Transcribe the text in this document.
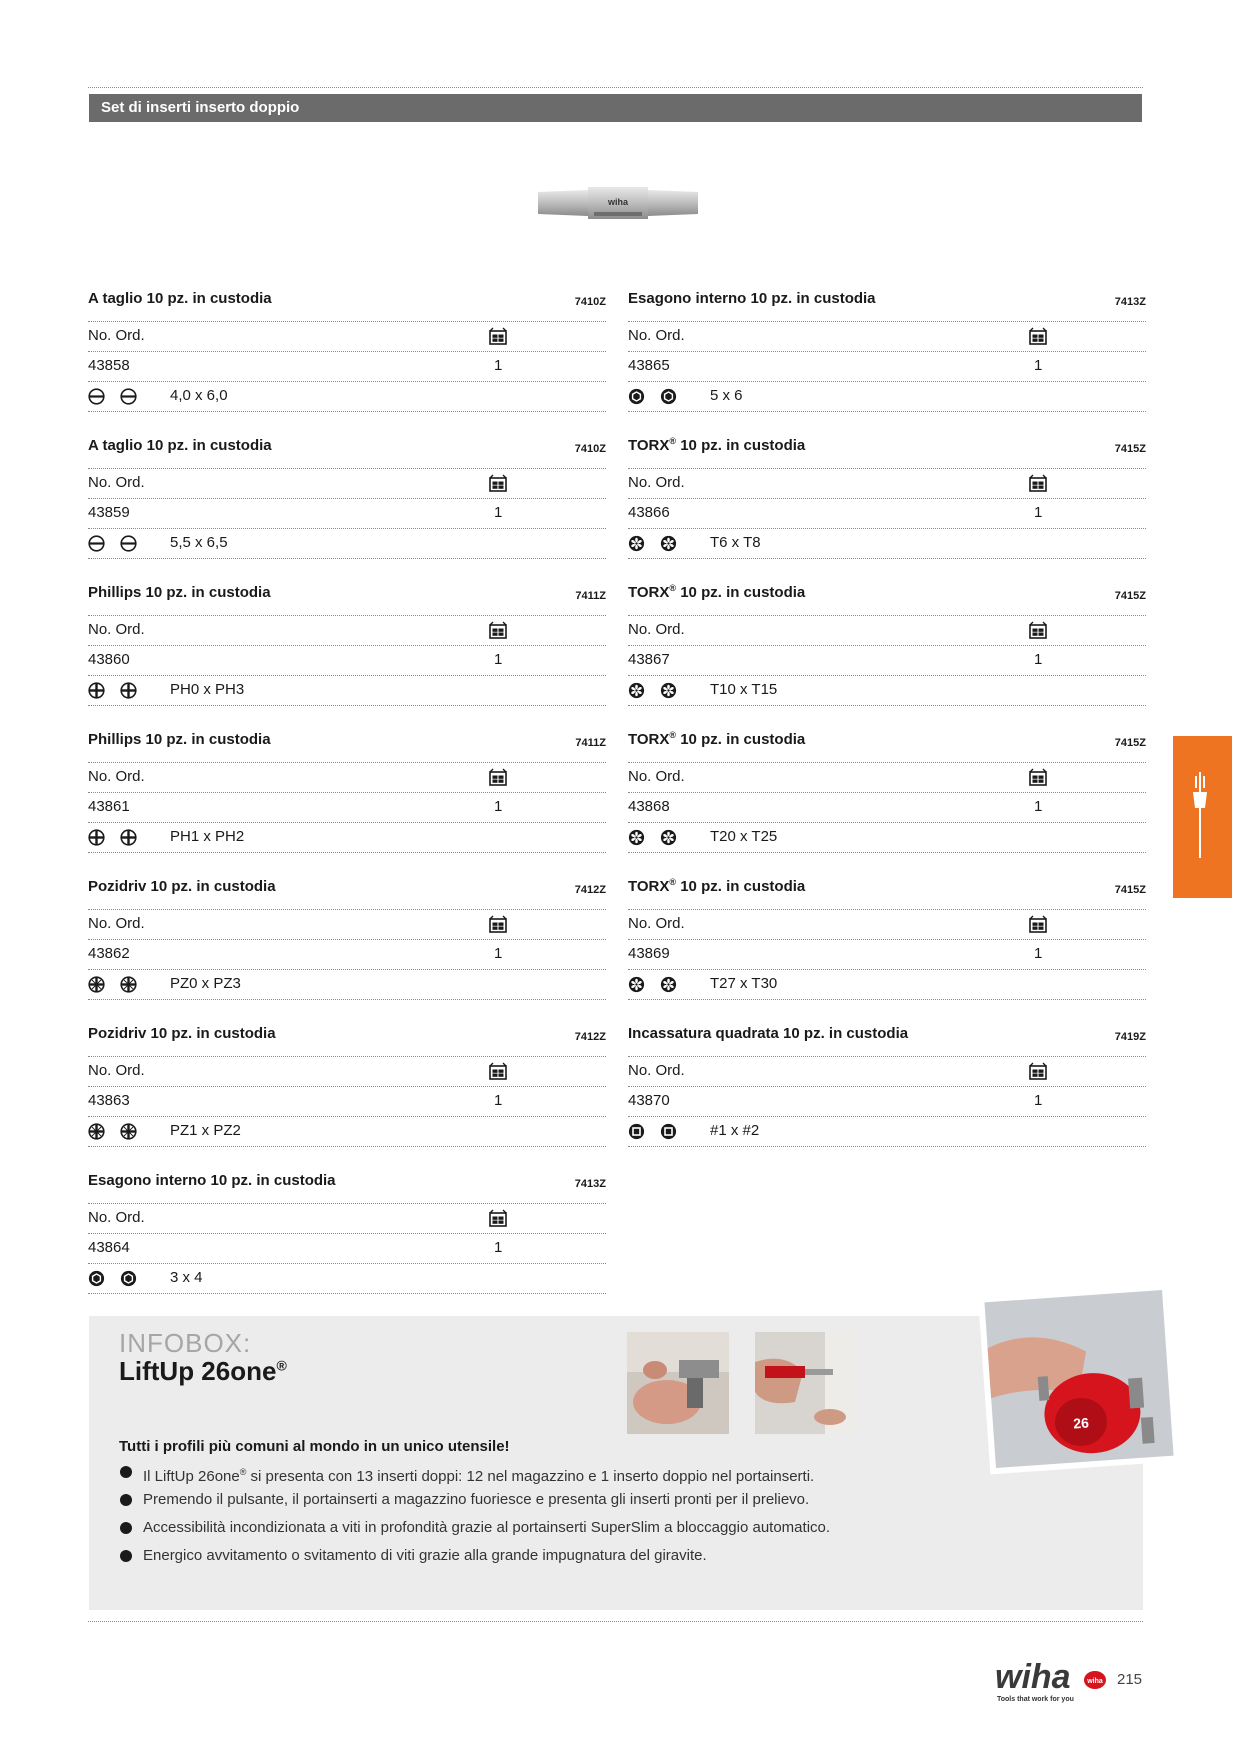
Set di inserti inserto doppio
wiha
A taglio 10 pz. in custodia	7410Z
No. Ord.
43858	1
4,0 x 6,0
A taglio 10 pz. in custodia	7410Z
No. Ord.
43859	1
5,5 x 6,5
Phillips 10 pz. in custodia	7411Z
No. Ord.
43860	1
PH0 x PH3
Phillips 10 pz. in custodia	7411Z
No. Ord.
43861	1
PH1 x PH2
Pozidriv 10 pz. in custodia	7412Z
No. Ord.
43862	1
PZ0 x PZ3
Pozidriv 10 pz. in custodia	7412Z
No. Ord.
43863	1
PZ1 x PZ2
Esagono interno 10 pz. in custodia	7413Z
No. Ord.
43864	1
3 x 4
Esagono interno 10 pz. in custodia	7413Z
No. Ord.
43865	1
5 x 6
TORX® 10 pz. in custodia	7415Z
No. Ord.
43866	1
T6 x T8
TORX® 10 pz. in custodia	7415Z
No. Ord.
43867	1
T10 x T15
TORX® 10 pz. in custodia	7415Z
No. Ord.
43868	1
T20 x T25
TORX® 10 pz. in custodia	7415Z
No. Ord.
43869	1
T27 x T30
Incassatura quadrata 10 pz. in custodia	7419Z
No. Ord.
43870	1
#1 x #2
INFOBOX:
LiftUp 26one®
Tutti i profili più comuni al mondo in un unico utensile!
Il LiftUp 26one® si presenta con 13 inserti doppi: 12 nel magazzino e 1 inserto doppio nel portainserti.
Premendo il pulsante, il portainserti a magazzino fuoriesce e presenta gli inserti pronti per il prelievo.
Accessibilità incondizionata a viti in profondità grazie al portainserti SuperSlim a bloccaggio automatico.
Energico avvitamento o svitamento di viti grazie alla grande impugnatura del giravite.
26
wiha wiha
Tools that work for you
215
